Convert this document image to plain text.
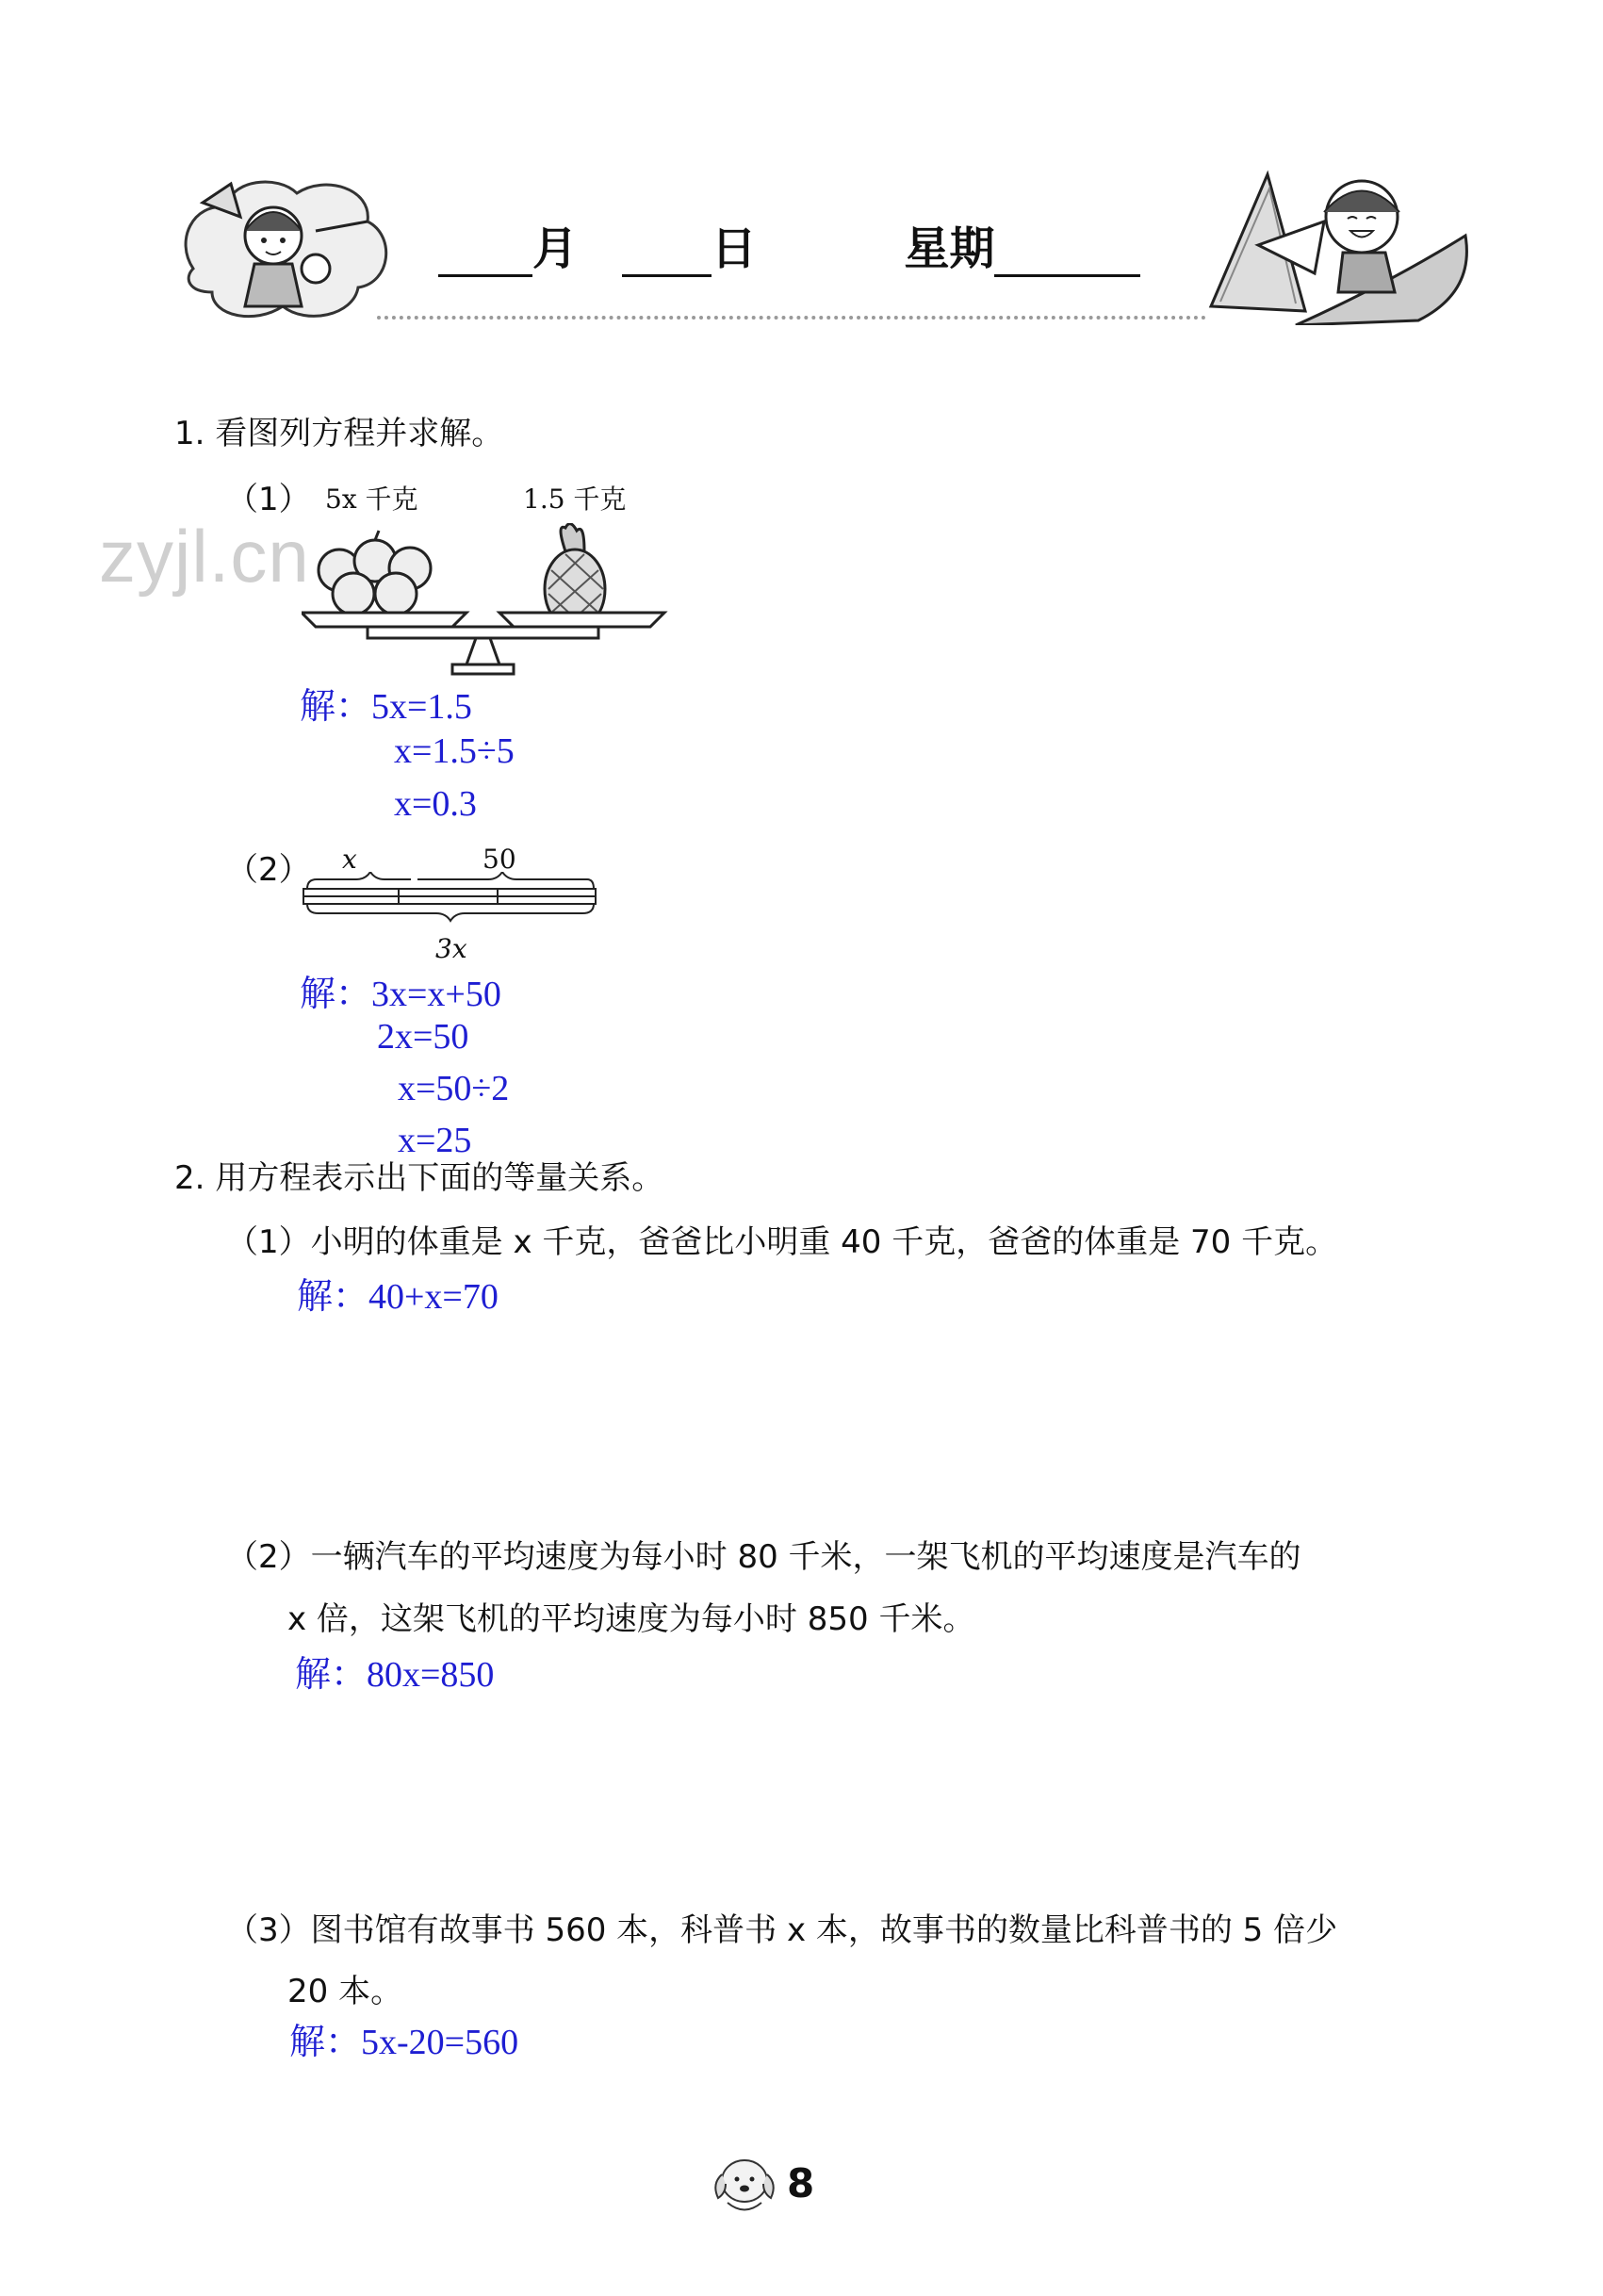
月	日	星期
zyjl.cn
1. 看图列方程并求解。
（1） 5x 千克	1.5 千克
解：5x=1.5
x=1.5÷5
x=0.3
（2） x	50
3x
解：3x=x+50
2x=50
x=50÷2
x=25
2. 用方程表示出下面的等量关系。
（1）小明的体重是 x 千克，爸爸比小明重 40 千克，爸爸的体重是 70 千克。
解：40+x=70
（2）一辆汽车的平均速度为每小时 80 千米，一架飞机的平均速度是汽车的
x 倍，这架飞机的平均速度为每小时 850 千米。
解：80x=850
（3）图书馆有故事书 560 本，科普书 x 本，故事书的数量比科普书的 5 倍少
20 本。
解：5x-20=560
8
